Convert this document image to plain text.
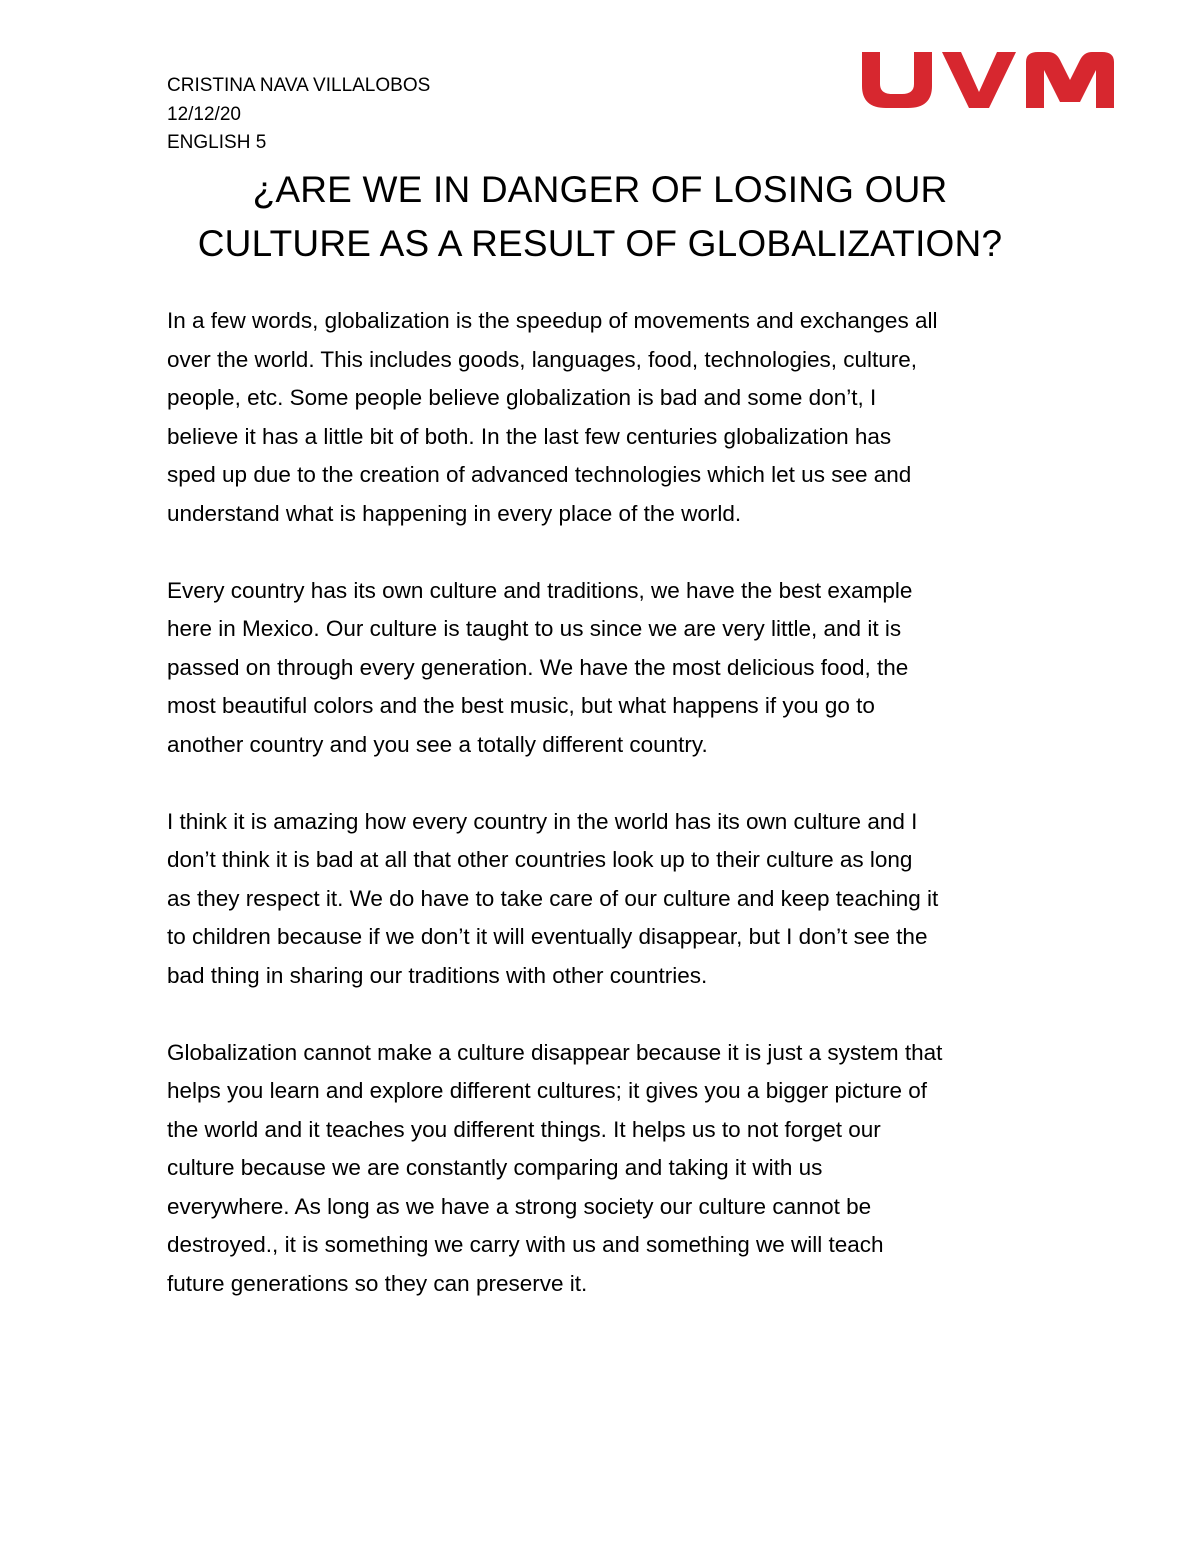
CRISTINA NAVA VILLALOBOS
12/12/20
ENGLISH 5
¿ARE WE IN DANGER OF LOSING OUR
CULTURE AS A RESULT OF GLOBALIZATION?

In a few words, globalization is the speedup of movements and exchanges all
over the world. This includes goods, languages, food, technologies, culture,
people, etc. Some people believe globalization is bad and some don’t, I
believe it has a little bit of both. In the last few centuries globalization has
sped up due to the creation of advanced technologies which let us see and
understand what is happening in every place of the world.

Every country has its own culture and traditions, we have the best example
here in Mexico. Our culture is taught to us since we are very little, and it is
passed on through every generation. We have the most delicious food, the
most beautiful colors and the best music, but what happens if you go to
another country and you see a totally different country.

I think it is amazing how every country in the world has its own culture and I
don’t think it is bad at all that other countries look up to their culture as long
as they respect it. We do have to take care of our culture and keep teaching it
to children because if we don’t it will eventually disappear, but I don’t see the
bad thing in sharing our traditions with other countries.

Globalization cannot make a culture disappear because it is just a system that
helps you learn and explore different cultures; it gives you a bigger picture of
the world and it teaches you different things. It helps us to not forget our
culture because we are constantly comparing and taking it with us
everywhere. As long as we have a strong society our culture cannot be
destroyed., it is something we carry with us and something we will teach
future generations so they can preserve it.
